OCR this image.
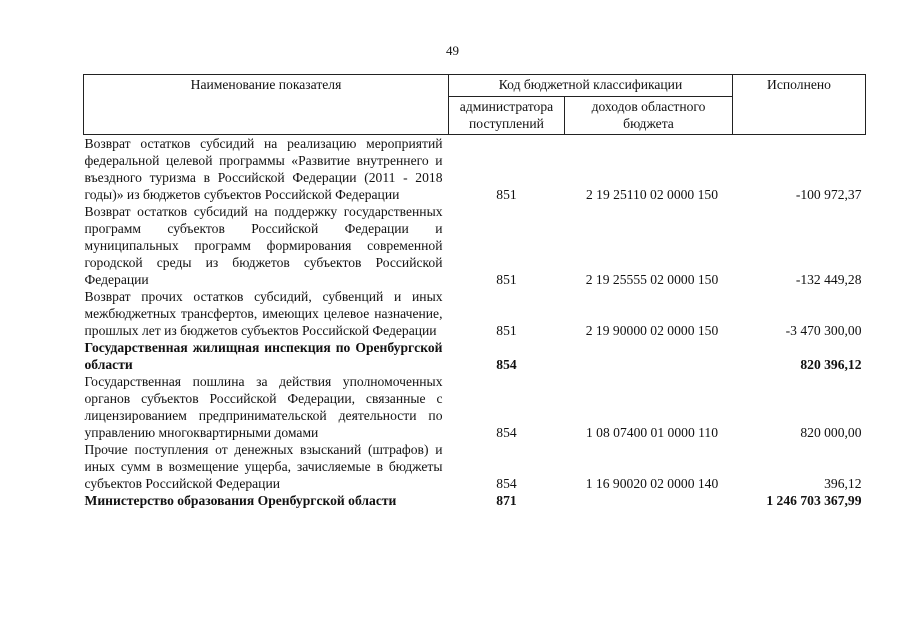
49
Наименование показателя	Код бюджетной классификации		Исполнено
	администратора поступлений	доходов областного бюджета	
Возврат остатков субсидий на реализацию мероприятий федеральной целевой программы «Развитие внутреннего и въездного туризма в Российской Федерации (2011 - 2018 годы)» из бюджетов субъектов Российской Федерации	851	2 19 25110 02 0000 150	-100 972,37
Возврат остатков субсидий на поддержку государственных программ субъектов Российской Федерации и муниципальных программ формирования современной городской среды из бюджетов субъектов Российской Федерации	851	2 19 25555 02 0000 150	-132 449,28
Возврат прочих остатков субсидий, субвенций и иных межбюджетных трансфертов, имеющих целевое назначение, прошлых лет из бюджетов субъектов Российской Федерации	851	2 19 90000 02 0000 150	-3 470 300,00
Государственная жилищная инспекция по Оренбургской области	854		820 396,12
Государственная пошлина за действия уполномоченных органов субъектов Российской Федерации, связанные с лицензированием предпринимательской деятельности по управлению многоквартирными домами	854	1 08 07400 01 0000 110	820 000,00
Прочие поступления от денежных взысканий (штрафов) и иных сумм в возмещение ущерба, зачисляемые в бюджеты субъектов Российской Федерации	854	1 16 90020 02 0000 140	396,12
Министерство образования Оренбургской области	871		1 246 703 367,99
